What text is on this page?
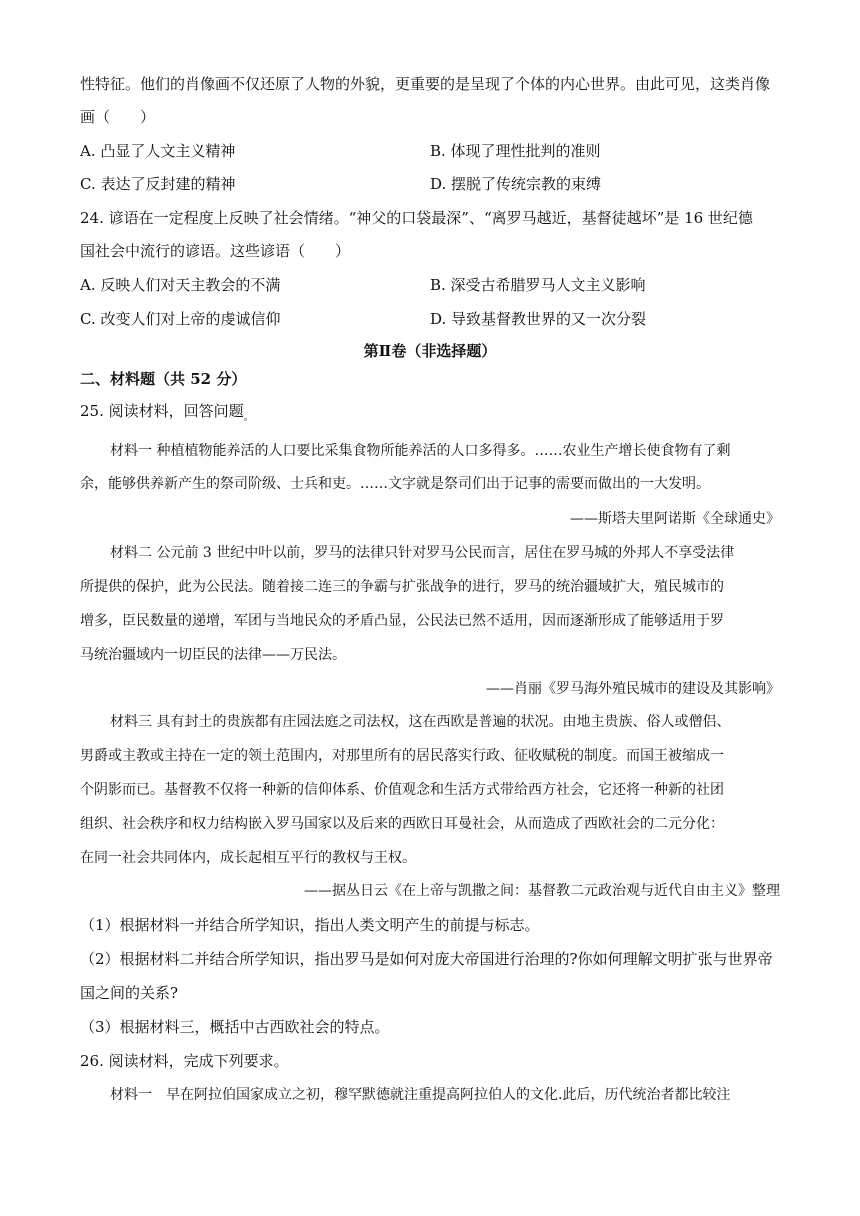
性特征。他们的肖像画不仅还原了人物的外貌，更重要的是呈现了个体的内心世界。由此可见，这类肖像
画（　　）
A. 凸显了人文主义精神	B. 体现了理性批判的准则
C. 表达了反封建的精神	D. 摆脱了传统宗教的束缚
24. 谚语在一定程度上反映了社会情绪。“神父的口袋最深”、“离罗马越近，基督徒越坏”是 16 世纪德
国社会中流行的谚语。这些谚语（　　）
A. 反映人们对天主教会的不满	B. 深受古希腊罗马人文主义影响
C. 改变人们对上帝的虔诚信仰	D. 导致基督教世界的又一次分裂
第Ⅱ卷（非选择题）
二、材料题（共 52 分）
25. 阅读材料，回答问题$_。$
材料一 种植植物能养活的人口要比采集食物所能养活的人口多得多。……农业生产增长使食物有了剩
余，能够供养新产生的祭司阶级、士兵和吏。……文字就是祭司们出于记事的需要而做出的一大发明。
——斯塔夫里阿诺斯《全球通史》
材料二 公元前 3 世纪中叶以前，罗马的法律只针对罗马公民而言，居住在罗马城的外邦人不享受法律
所提供的保护，此为公民法。随着接二连三的争霸与扩张战争的进行，罗马的统治疆域扩大，殖民城市的
增多，臣民数量的递增，军团与当地民众的矛盾凸显，公民法已然不适用，因而逐渐形成了能够适用于罗
马统治疆域内一切臣民的法律——万民法。
——肖丽《罗马海外殖民城市的建设及其影响》
材料三 具有封土的贵族都有庄园法庭之司法权，这在西欧是普遍的状况。由地主贵族、俗人或僧侣、
男爵或主教或主持在一定的领土范围内，对那里所有的居民落实行政、征收赋税的制度。而国王被缩成一
个阴影而已。基督教不仅将一种新的信仰体系、价值观念和生活方式带给西方社会，它还将一种新的社团
组织、社会秩序和权力结构嵌入罗马国家以及后来的西欧日耳曼社会，从而造成了西欧社会的二元分化：
在同一社会共同体内，成长起相互平行的教权与王权。
——据丛日云《在上帝与凯撒之间：基督教二元政治观与近代自由主义》整理
（1）根据材料一并结合所学知识，指出人类文明产生的前提与标志。
（2）根据材料二并结合所学知识，指出罗马是如何对庞大帝国进行治理的?你如何理解文明扩张与世界帝
国之间的关系?
（3）根据材料三，概括中古西欧社会的特点。
26. 阅读材料，完成下列要求。
材料一　早在阿拉伯国家成立之初，穆罕默德就注重提高阿拉伯人的文化.此后，历代统治者都比较注
